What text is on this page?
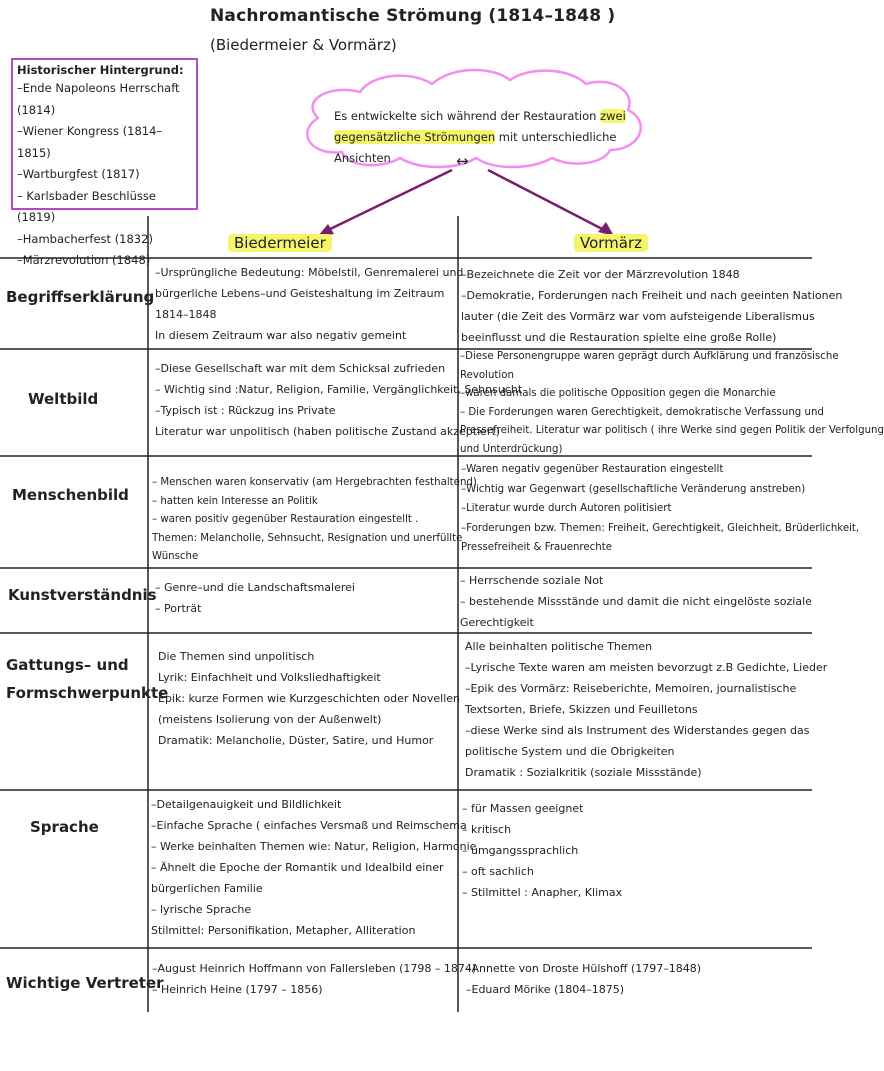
Nachromantische Strömung (1814–1848 )
(Biedermeier & Vormärz)
Historischer Hintergrund:
–Ende Napoleons Herrschaft (1814)
–Wiener Kongress (1814–1815)
–Wartburgfest (1817)
– Karlsbader Beschlüsse (1819)
–Hambacherfest (1832)
–Märzrevolution (1848)
Es entwickelte sich während der Restauration zwei
gegensätzliche Strömungen mit unterschiedliche Ansichten	↔
Biedermeier	Vormärz
Begriffserklärung
Weltbild
Menschenbild
Kunstverständnis
Gattungs– und
Formschwerpunkte
Sprache
Wichtige Vertreter
–Ursprüngliche Bedeutung: Möbelstil, Genremalerei und
bürgerliche Lebens–und Geisteshaltung im Zeitraum
1814–1848
In diesem Zeitraum war also negativ gemeint
–Bezeichnete die Zeit vor der Märzrevolution 1848
–Demokratie, Forderungen nach Freiheit und nach geeinten Nationen
lauter (die Zeit des Vormärz war vom aufsteigende Liberalismus
beeinflusst und die Restauration spielte eine große Rolle)
–Diese Gesellschaft war mit dem Schicksal zufrieden
– Wichtig sind :Natur, Religion, Familie, Vergänglichkeit, Sehnsucht
–Typisch ist : Rückzug ins Private
Literatur war unpolitisch (haben politische Zustand akzeptiert)
–Diese Personengruppe waren geprägt durch Aufklärung und französische
Revolution
–waren damals die politische Opposition gegen die Monarchie
– Die Forderungen waren Gerechtigkeit, demokratische Verfassung und
Pressefreiheit. Literatur war politisch ( ihre Werke sind gegen Politik der Verfolgung
und Unterdrückung)
– Menschen waren konservativ (am Hergebrachten festhaltend)
– hatten kein Interesse an Politik
– waren positiv gegenüber Restauration eingestellt .
Themen: Melancholie, Sehnsucht, Resignation und unerfüllte
Wünsche
–Waren negativ gegenüber Restauration eingestellt
–Wichtig war Gegenwart (gesellschaftliche Veränderung anstreben)
–Literatur wurde durch Autoren politisiert
–Forderungen bzw. Themen: Freiheit, Gerechtigkeit, Gleichheit, Brüderlichkeit,
Pressefreiheit & Frauenrechte
– Genre–und die Landschaftsmalerei
– Porträt
– Herrschende soziale Not
– bestehende Missstände und damit die nicht eingelöste soziale
Gerechtigkeit
Die Themen sind unpolitisch
Lyrik: Einfachheit und Volksliedhaftigkeit
Epik: kurze Formen wie Kurzgeschichten oder Novellen
(meistens Isolierung von der Außenwelt)
Dramatik: Melancholie, Düster, Satire, und Humor
Alle beinhalten politische Themen
–Lyrische Texte waren am meisten bevorzugt z.B Gedichte, Lieder
–Epik des Vormärz: Reiseberichte, Memoiren, journalistische
Textsorten, Briefe, Skizzen und Feuilletons
–diese Werke sind als Instrument des Widerstandes gegen das
politische System und die Obrigkeiten
Dramatik : Sozialkritik (soziale Missstände)
–Detailgenauigkeit und Bildlichkeit
–Einfache Sprache ( einfaches Versmaß und Reimschema
– Werke beinhalten Themen wie: Natur, Religion, Harmonie
– Ähnelt die Epoche der Romantik und Idealbild einer
bürgerlichen Familie
– lyrische Sprache
Stilmittel: Personifikation, Metapher, Alliteration
– für Massen geeignet
– kritisch
– umgangssprachlich
– oft sachlich
– Stilmittel : Anapher, Klimax
–August Heinrich Hoffmann von Fallersleben (1798 – 1874)
– Heinrich Heine (1797 – 1856)
–Annette von Droste Hülshoff (1797–1848)
–Eduard Mörike (1804–1875)
